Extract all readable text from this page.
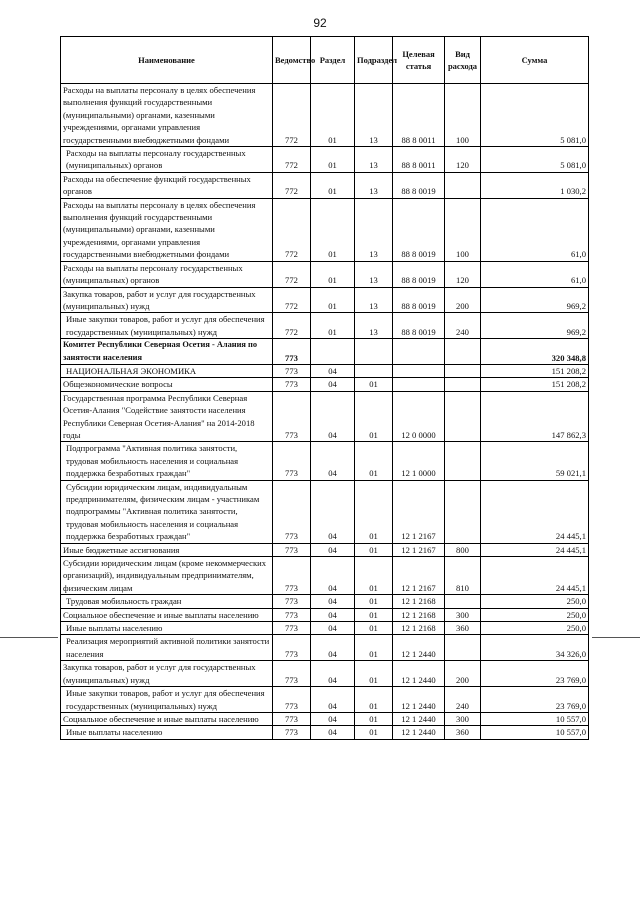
92
Наименование	Ведомство	Раздел	Подраздел	Целевая статья	Вид расхода	Сумма
Расходы на выплаты персоналу в целях обеспечения выполнения функций государственными (муниципальными) органами, казенными учреждениями, органами управления государственными внебюджетными фондами	772	01	13	88 8 0011	100	5 081,0
Расходы на выплаты персоналу государственных (муниципальных) органов	772	01	13	88 8 0011	120	5 081,0
Расходы на обеспечение функций государственных органов	772	01	13	88 8 0019		1 030,2
Расходы на выплаты персоналу в целях обеспечения выполнения функций государственными (муниципальными) органами, казенными учреждениями, органами управления государственными внебюджетными фондами	772	01	13	88 8 0019	100	61,0
Расходы на выплаты персоналу государственных (муниципальных) органов	772	01	13	88 8 0019	120	61,0
Закупка товаров, работ и услуг для государственных (муниципальных) нужд	772	01	13	88 8 0019	200	969,2
Иные закупки товаров, работ и услуг для обеспечения государственных (муниципальных) нужд	772	01	13	88 8 0019	240	969,2
Комитет Республики Северная Осетия - Алания по занятости населения	773					320 348,8
НАЦИОНАЛЬНАЯ ЭКОНОМИКА	773	04				151 208,2
Общеэкономические вопросы	773	04	01			151 208,2
Государственная программа Республики Северная Осетия-Алания "Содействие занятости населения Республики Северная Осетия-Алания" на 2014-2018 годы	773	04	01	12 0 0000		147 862,3
Подпрограмма "Активная политика занятости, трудовая мобильность населения и социальная поддержка безработных граждан"	773	04	01	12 1 0000		59 021,1
Субсидии юридическим лицам, индивидуальным предпринимателям, физическим лицам - участникам подпрограммы "Активная политика занятости, трудовая мобильность населения и социальная поддержка безработных граждан"	773	04	01	12 1 2167		24 445,1
Иные бюджетные ассигнования	773	04	01	12 1 2167	800	24 445,1
Субсидии юридическим лицам (кроме некоммерческих организаций), индивидуальным предпринимателям, физическим лицам	773	04	01	12 1 2167	810	24 445,1
Трудовая мобильность граждан	773	04	01	12 1 2168		250,0
Социальное обеспечение и иные выплаты населению	773	04	01	12 1 2168	300	250,0
Иные выплаты населению	773	04	01	12 1 2168	360	250,0
Реализация мероприятий активной политики занятости населения	773	04	01	12 1 2440		34 326,0
Закупка товаров, работ и услуг для государственных (муниципальных) нужд	773	04	01	12 1 2440	200	23 769,0
Иные закупки товаров, работ и услуг для обеспечения государственных (муниципальных) нужд	773	04	01	12 1 2440	240	23 769,0
Социальное обеспечение и иные выплаты населению	773	04	01	12 1 2440	300	10 557,0
Иные выплаты населению	773	04	01	12 1 2440	360	10 557,0
